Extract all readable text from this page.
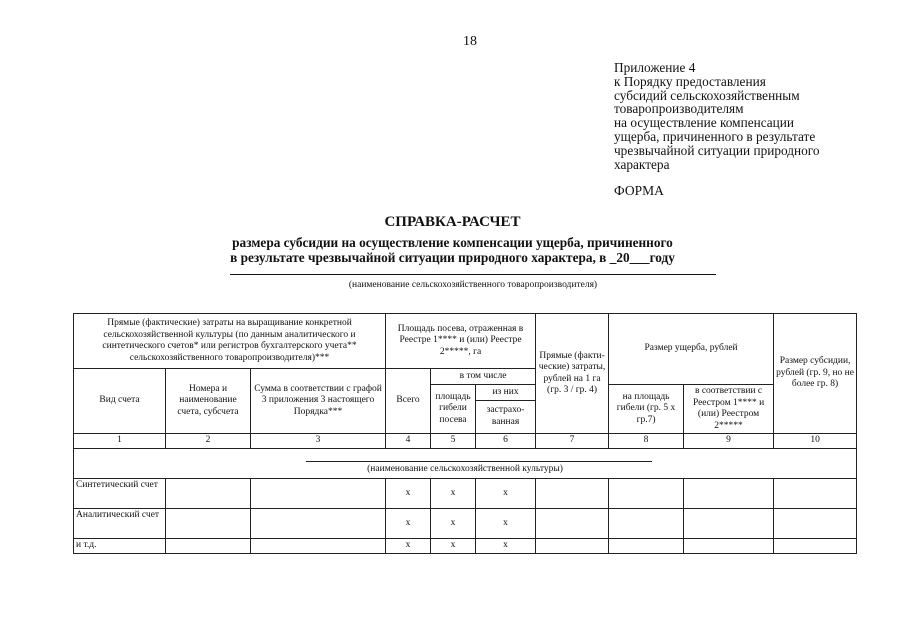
18
Приложение 4
к Порядку предоставления
субсидий сельскохозяйственным
товаропроизводителям
на осуществление компенсации
ущерба, причиненного в результате
чрезвычайной ситуации природного
характера
ФОРМА
СПРАВКА-РАСЧЕТ
размера субсидии на осуществление компенсации ущерба, причиненного
в результате чрезвычайной ситуации природного характера, в _20___году
(наименование сельскохозяйственного товаропроизводителя)
Прямые (фактические) затраты на выращивание конкретной сельскохозяйственной культуры (по данным аналитического и синтетического счетов* или регистров бухгалтерского учета** сельскохозяйственного товаропроизводителя)***			Площадь посева, отраженная в Реестре 1**** и (или) Реестре 2*****, га			Прямые (факти-ческие) затраты, рублей на 1 га (гр. 3 / гр. 4)	Размер ущерба, рублей		Размер субсидии, рублей (гр. 9, но не более гр. 8)
Вид счета	Номера и наименование счета, субсчета	Сумма в соответствии с графой 3 приложения 3 настоящего Порядка***	Всего	в том числе					
				площадь гибели посева	из них		на площадь гибели (гр. 5 x гр.7)	в соответствии с Реестром 1**** и (или) Реестром 2*****	
					застрахо-ванная				
1	2	3	4	5	6	7	8	9	10

(наименование сельскохозяйственной культуры)									

Синтетический счет			x	x	x				
Аналитический счет			x	x	x				
и т.д.			x	x	x				
